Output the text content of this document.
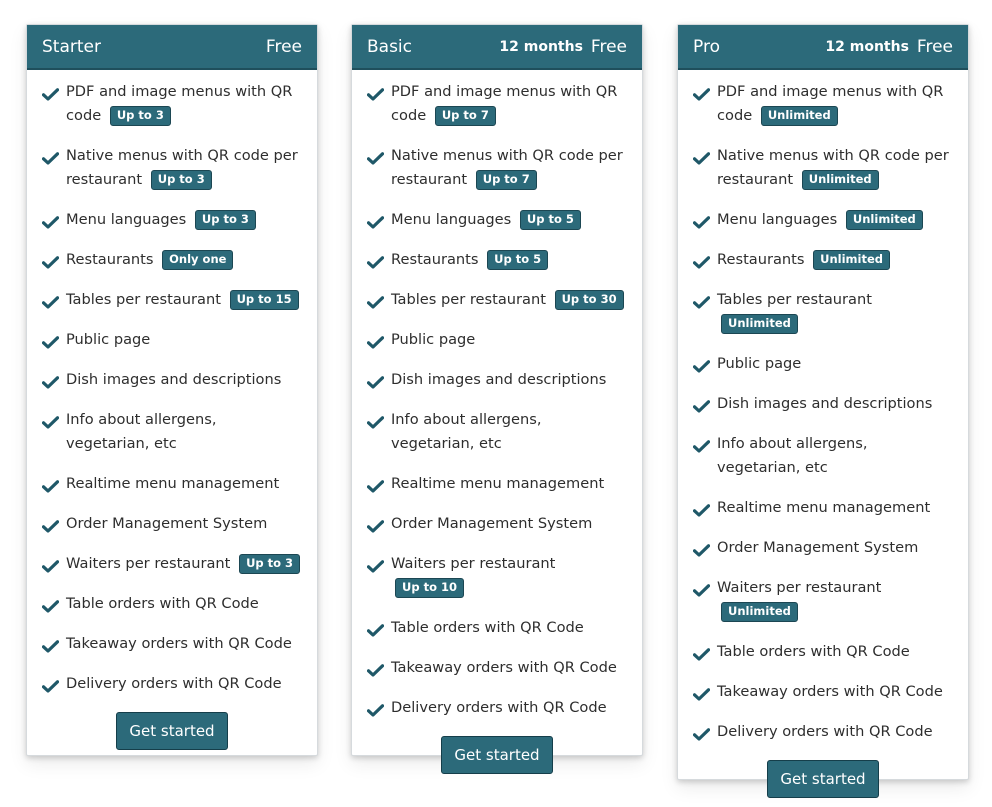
Starter	Free
PDF and image menus with QR code Up to 3
Native menus with QR code per restaurant Up to 3
Menu languages Up to 3
Restaurants Only one
Tables per restaurant Up to 15
Public page
Dish images and descriptions
Info about allergens, vegetarian, etc
Realtime menu management
Order Management System
Waiters per restaurant Up to 3
Table orders with QR Code
Takeaway orders with QR Code
Delivery orders with QR Code
Get started
Basic	12 months Free
PDF and image menus with QR code Up to 7
Native menus with QR code per restaurant Up to 7
Menu languages Up to 5
Restaurants Up to 5
Tables per restaurant Up to 30
Public page
Dish images and descriptions
Info about allergens, vegetarian, etc
Realtime menu management
Order Management System
Waiters per restaurant Up to 10
Table orders with QR Code
Takeaway orders with QR Code
Delivery orders with QR Code
Get started
Pro	12 months Free
PDF and image menus with QR code Unlimited
Native menus with QR code per restaurant Unlimited
Menu languages Unlimited
Restaurants Unlimited
Tables per restaurant Unlimited
Public page
Dish images and descriptions
Info about allergens, vegetarian, etc
Realtime menu management
Order Management System
Waiters per restaurant Unlimited
Table orders with QR Code
Takeaway orders with QR Code
Delivery orders with QR Code
Get started
